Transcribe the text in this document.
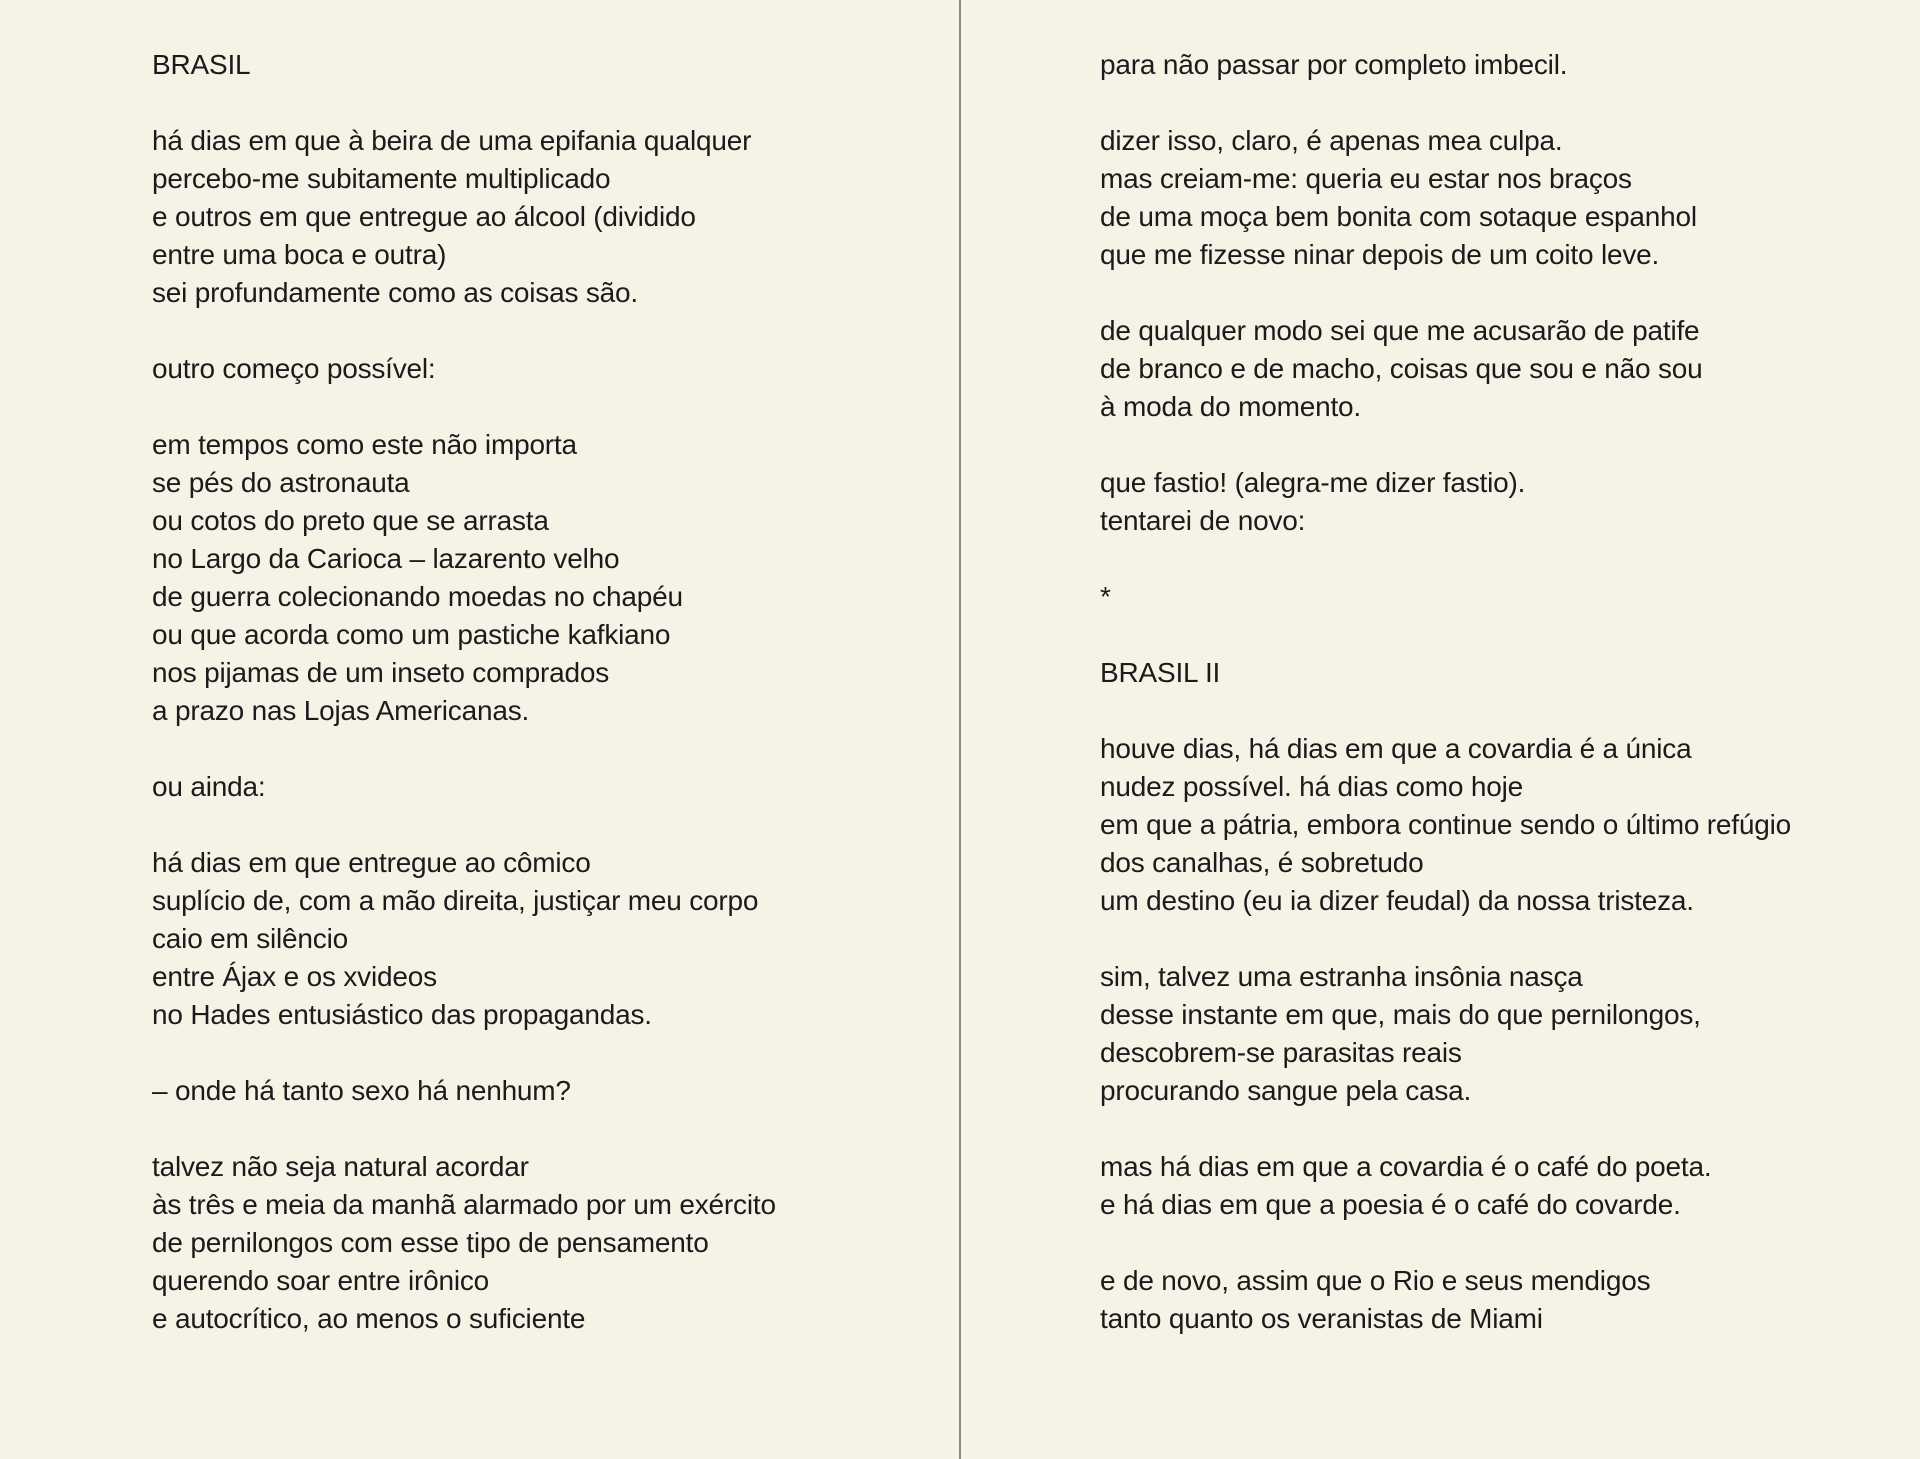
BRASIL
há dias em que à beira de uma epifania qualquer
percebo-me subitamente multiplicado
e outros em que entregue ao álcool (dividido
entre uma boca e outra)
sei profundamente como as coisas são.
outro começo possível:
em tempos como este não importa
se pés do astronauta
ou cotos do preto que se arrasta
no Largo da Carioca – lazarento velho
de guerra colecionando moedas no chapéu
ou que acorda como um pastiche kafkiano
nos pijamas de um inseto comprados
a prazo nas Lojas Americanas.
ou ainda:
há dias em que entregue ao cômico
suplício de, com a mão direita, justiçar meu corpo
caio em silêncio
entre Ájax e os xvideos
no Hades entusiástico das propagandas.
– onde há tanto sexo há nenhum?
talvez não seja natural acordar
às três e meia da manhã alarmado por um exército
de pernilongos com esse tipo de pensamento
querendo soar entre irônico
e autocrítico, ao menos o suficiente
para não passar por completo imbecil.
dizer isso, claro, é apenas mea culpa.
mas creiam-me: queria eu estar nos braços
de uma moça bem bonita com sotaque espanhol
que me fizesse ninar depois de um coito leve.
de qualquer modo sei que me acusarão de patife
de branco e de macho, coisas que sou e não sou
à moda do momento.
que fastio! (alegra-me dizer fastio).
tentarei de novo:
*
BRASIL II
houve dias, há dias em que a covardia é a única
nudez possível. há dias como hoje
em que a pátria, embora continue sendo o último refúgio
dos canalhas, é sobretudo
um destino (eu ia dizer feudal) da nossa tristeza.
sim, talvez uma estranha insônia nasça
desse instante em que, mais do que pernilongos,
descobrem-se parasitas reais
procurando sangue pela casa.
mas há dias em que a covardia é o café do poeta.
e há dias em que a poesia é o café do covarde.
e de novo, assim que o Rio e seus mendigos
tanto quanto os veranistas de Miami
